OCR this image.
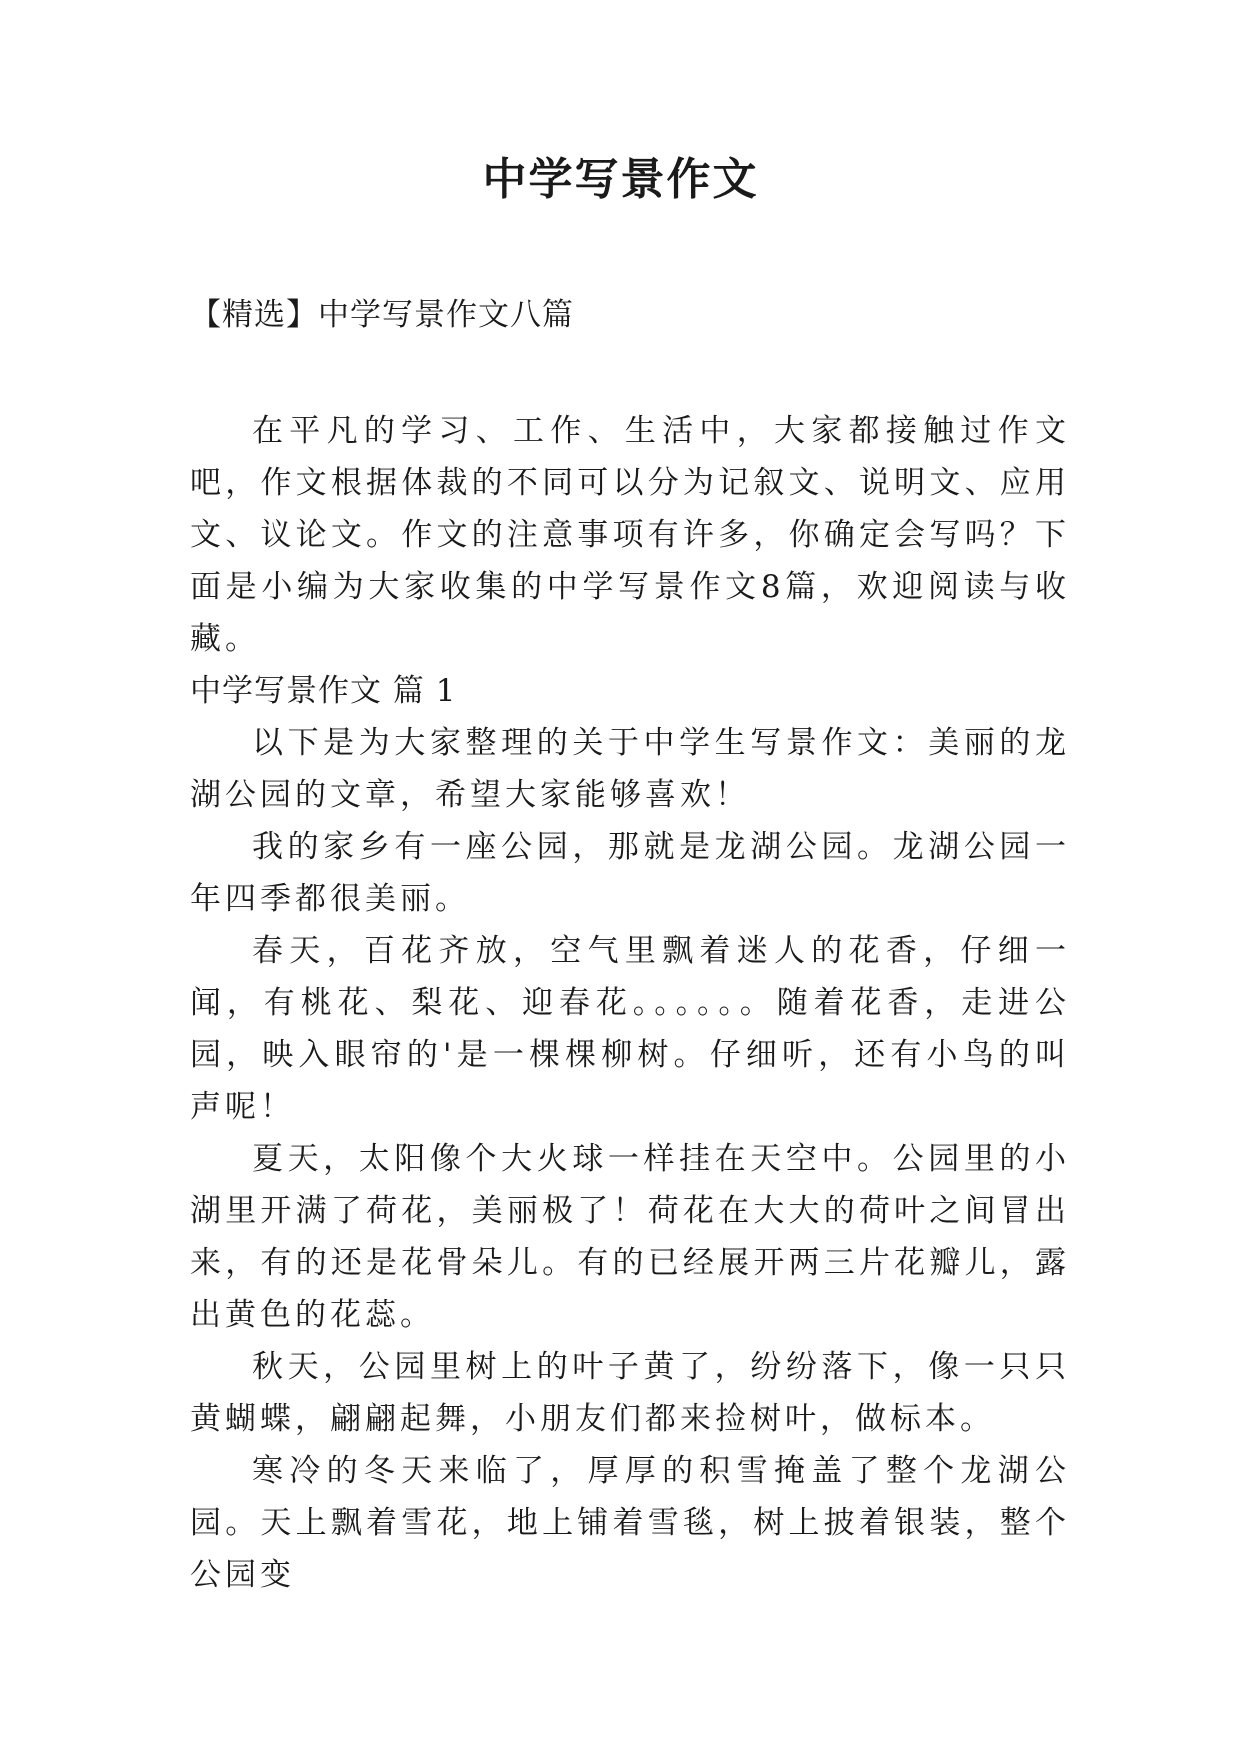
中学写景作文
【精选】中学写景作文八篇

在平凡的学习、工作、生活中，大家都接触过作文吧，作文根据体裁的不同可以分为记叙文、说明文、应用文、议论文。作文的注意事项有许多，你确定会写吗？下面是小编为大家收集的中学写景作文8篇，欢迎阅读与收藏。

中学写景作文 篇 1

以下是为大家整理的关于中学生写景作文：美丽的龙湖公园的文章，希望大家能够喜欢！

我的家乡有一座公园，那就是龙湖公园。龙湖公园一年四季都很美丽。

春天，百花齐放，空气里飘着迷人的花香，仔细一闻，有桃花、梨花、迎春花。。。。。。随着花香，走进公园，映入眼帘的'是一棵棵柳树。仔细听，还有小鸟的叫声呢！

夏天，太阳像个大火球一样挂在天空中。公园里的小湖里开满了荷花，美丽极了！荷花在大大的荷叶之间冒出来，有的还是花骨朵儿。有的已经展开两三片花瓣儿，露出黄色的花蕊。

秋天，公园里树上的叶子黄了，纷纷落下，像一只只黄蝴蝶，翩翩起舞，小朋友们都来捡树叶，做标本。

寒冷的冬天来临了，厚厚的积雪掩盖了整个龙湖公园。天上飘着雪花，地上铺着雪毯，树上披着银装，整个公园变
